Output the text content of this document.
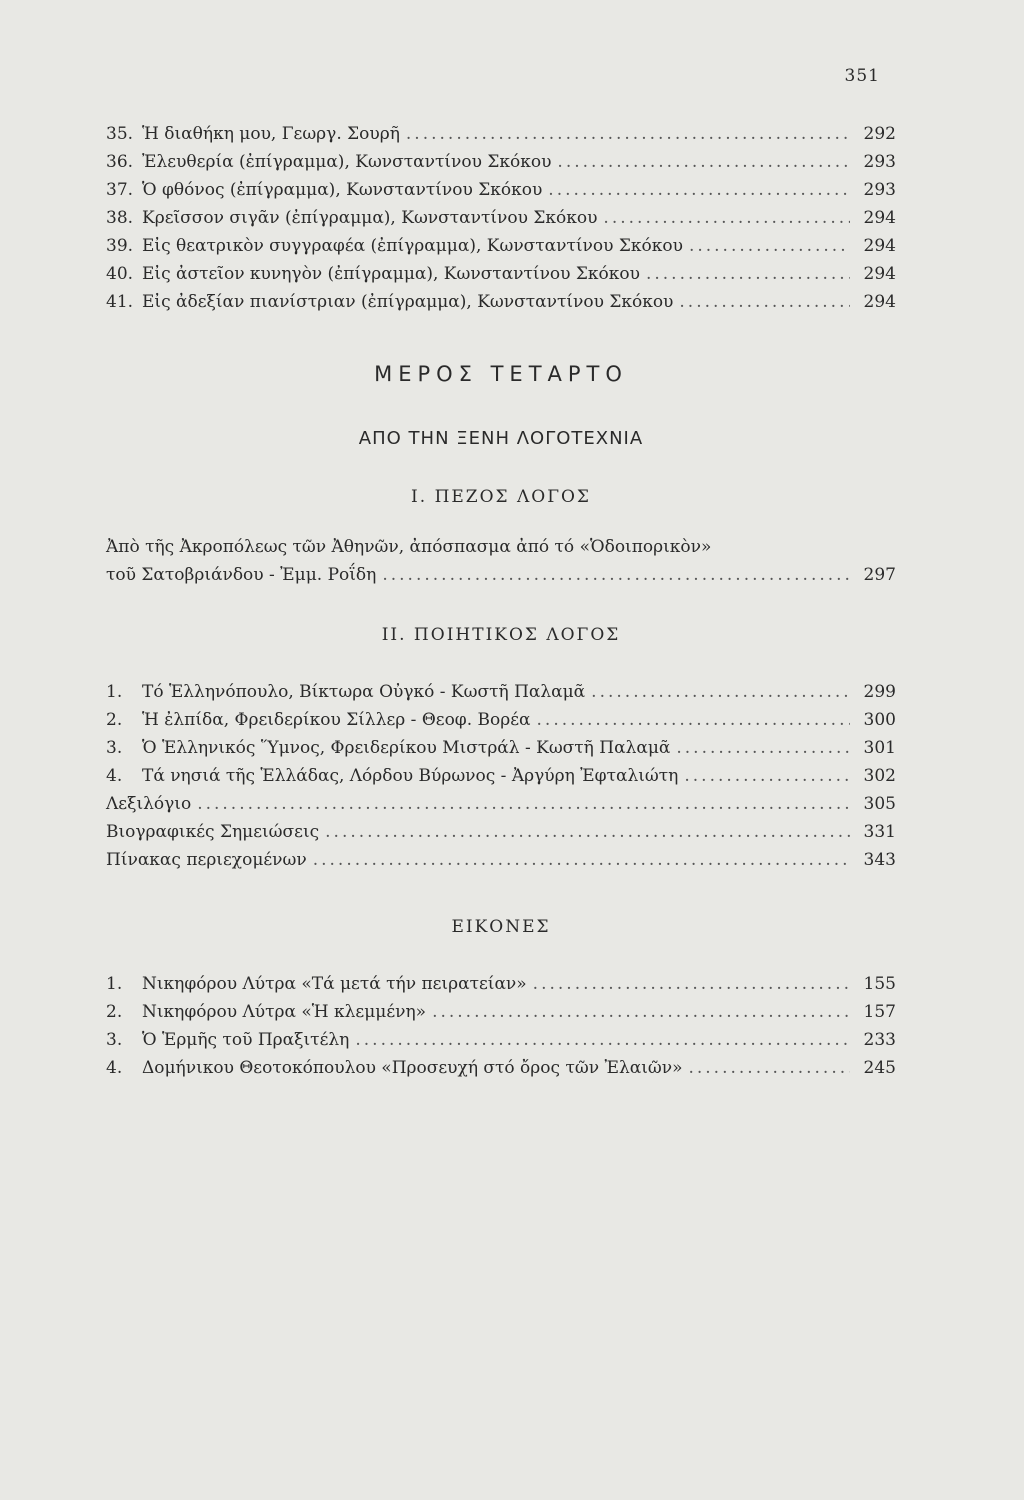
351
35. Ἡ διαθήκη μου, Γεωργ. Σουρῆ .....	292
36. Ἐλευθερία (ἐπίγραμμα), Κωνσταντίνου Σκόκου .....	293
37. Ὁ φθόνος (ἐπίγραμμα), Κωνσταντίνου Σκόκου .....	293
38. Κρεῖσσον σιγᾶν (ἐπίγραμμα), Κωνσταντίνου Σκόκου .....	294
39. Εἰς θεατρικὸν συγγραφέα (ἐπίγραμμα), Κωνσταντίνου Σκόκου .....	294
40. Εἰς ἀστεῖον κυνηγὸν (ἐπίγραμμα), Κωνσταντίνου Σκόκου .....	294
41. Εἰς ἀδεξίαν πιανίστριαν (ἐπίγραμμα), Κωνσταντίνου Σκόκου .....	294
ΜΕΡΟΣ ΤΕΤΑΡΤΟ
ΑΠΟ ΤΗΝ ΞΕΝΗ ΛΟΓΟΤΕΧΝΙΑ
I. ΠΕΖΟΣ ΛΟΓΟΣ
Ἀπὸ τῆς Ἀκροπόλεως τῶν Ἀθηνῶν, ἀπόσπασμα ἀπό τό «Ὁδοιπορικὸν»
τοῦ Σατοβριάνδου - Ἐμμ. Ροΐδη .....	297
II. ΠΟΙΗΤΙΚΟΣ ΛΟΓΟΣ
1.	Τό Ἑλληνόπουλο, Βίκτωρα Οὐγκό - Κωστῆ Παλαμᾶ .....	299
2.	Ἡ ἐλπίδα, Φρειδερίκου Σίλλερ - Θεοφ. Βορέα .....	300
3.	Ὁ Ἑλληνικός Ὕμνος, Φρειδερίκου Μιστράλ - Κωστῆ Παλαμᾶ .....	301
4.	Τά νησιά τῆς Ἑλλάδας, Λόρδου Βύρωνος - Ἀργύρη Ἐφταλιώτη .....	302
Λεξιλόγιο .....	305
Βιογραφικές Σημειώσεις .....	331
Πίνακας περιεχομένων .....	343
ΕΙΚΟΝΕΣ
1.	Νικηφόρου Λύτρα «Τά μετά τήν πειρατείαν» .....	155
2.	Νικηφόρου Λύτρα «Ἡ κλεμμένη» .....	157
3.	Ὁ Ἑρμῆς τοῦ Πραξιτέλη .....	233
4.	Δομήνικου Θεοτοκόπουλου «Προσευχή στό ὄρος τῶν Ἐλαιῶν» .....	245
